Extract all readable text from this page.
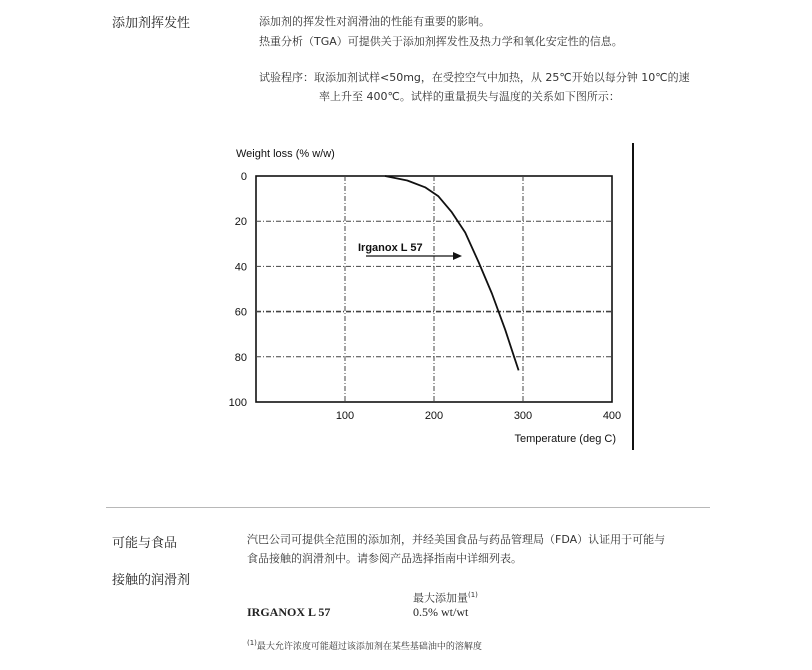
添加剂挥发性	添加剂的挥发性对润滑油的性能有重要的影响。
热重分析（TGA）可提供关于添加剂挥发性及热力学和氧化安定性的信息。
试验程序：取添加剂试样<50mg，在受控空气中加热，从 25℃开始以每分钟 10℃的速
率上升至 400℃。试样的重量损失与温度的关系如下图所示：
100	200	300	400
0
20
40
60
80
100
Weight loss (% w/w)
Temperature (deg C)
Irganox L 57
可能与食品
接触的润滑剂
汽巴公司可提供全范围的添加剂，并经美国食品与药品管理局（FDA）认证用于可能与
食品接触的润滑剂中。请参阅产品选择指南中详细列表。
最大添加量$^{(1)}$
IRGANOX L 57	0.5% wt/wt
$^{(1)}$最大允许浓度可能超过该添加剂在某些基础油中的溶解度
